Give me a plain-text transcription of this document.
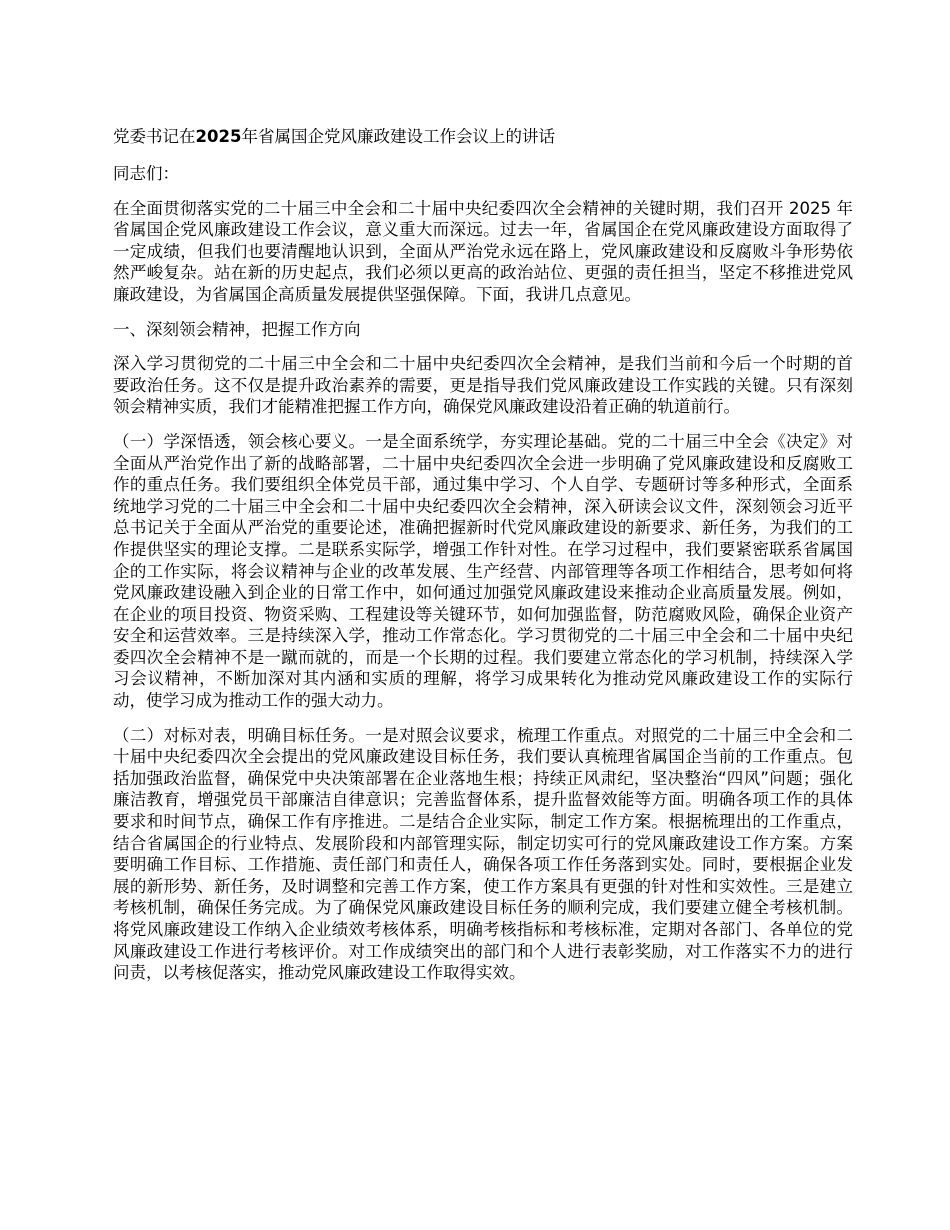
党委书记在2025年省属国企党风廉政建设工作会议上的讲话
同志们：
在全面贯彻落实党的二十届三中全会和二十届中央纪委四次全会精神的关键时期，我们召开 2025 年省属国企党风廉政建设工作会议，意义重大而深远。过去一年，省属国企在党风廉政建设方面取得了一定成绩，但我们也要清醒地认识到，全面从严治党永远在路上，党风廉政建设和反腐败斗争形势依然严峻复杂。站在新的历史起点，我们必须以更高的政治站位、更强的责任担当，坚定不移推进党风廉政建设，为省属国企高质量发展提供坚强保障。下面，我讲几点意见。
一、深刻领会精神，把握工作方向
深入学习贯彻党的二十届三中全会和二十届中央纪委四次全会精神，是我们当前和今后一个时期的首要政治任务。这不仅是提升政治素养的需要，更是指导我们党风廉政建设工作实践的关键。只有深刻领会精神实质，我们才能精准把握工作方向，确保党风廉政建设沿着正确的轨道前行。
（一）学深悟透，领会核心要义。一是全面系统学，夯实理论基础。党的二十届三中全会《决定》对全面从严治党作出了新的战略部署，二十届中央纪委四次全会进一步明确了党风廉政建设和反腐败工作的重点任务。我们要组织全体党员干部，通过集中学习、个人自学、专题研讨等多种形式，全面系统地学习党的二十届三中全会和二十届中央纪委四次全会精神，深入研读会议文件，深刻领会习近平总书记关于全面从严治党的重要论述，准确把握新时代党风廉政建设的新要求、新任务，为我们的工作提供坚实的理论支撑。二是联系实际学，增强工作针对性。在学习过程中，我们要紧密联系省属国企的工作实际，将会议精神与企业的改革发展、生产经营、内部管理等各项工作相结合，思考如何将党风廉政建设融入到企业的日常工作中，如何通过加强党风廉政建设来推动企业高质量发展。例如，在企业的项目投资、物资采购、工程建设等关键环节，如何加强监督，防范腐败风险，确保企业资产安全和运营效率。三是持续深入学，推动工作常态化。学习贯彻党的二十届三中全会和二十届中央纪委四次全会精神不是一蹴而就的，而是一个长期的过程。我们要建立常态化的学习机制，持续深入学习会议精神，不断加深对其内涵和实质的理解，将学习成果转化为推动党风廉政建设工作的实际行动，使学习成为推动工作的强大动力。
（二）对标对表，明确目标任务。一是对照会议要求，梳理工作重点。对照党的二十届三中全会和二十届中央纪委四次全会提出的党风廉政建设目标任务，我们要认真梳理省属国企当前的工作重点。包括加强政治监督，确保党中央决策部署在企业落地生根；持续正风肃纪，坚决整治“四风”问题；强化廉洁教育，增强党员干部廉洁自律意识；完善监督体系，提升监督效能等方面。明确各项工作的具体要求和时间节点，确保工作有序推进。二是结合企业实际，制定工作方案。根据梳理出的工作重点，结合省属国企的行业特点、发展阶段和内部管理实际，制定切实可行的党风廉政建设工作方案。方案要明确工作目标、工作措施、责任部门和责任人，确保各项工作任务落到实处。同时，要根据企业发展的新形势、新任务，及时调整和完善工作方案，使工作方案具有更强的针对性和实效性。三是建立考核机制，确保任务完成。为了确保党风廉政建设目标任务的顺利完成，我们要建立健全考核机制。将党风廉政建设工作纳入企业绩效考核体系，明确考核指标和考核标准，定期对各部门、各单位的党风廉政建设工作进行考核评价。对工作成绩突出的部门和个人进行表彰奖励，对工作落实不力的进行问责，以考核促落实，推动党风廉政建设工作取得实效。
